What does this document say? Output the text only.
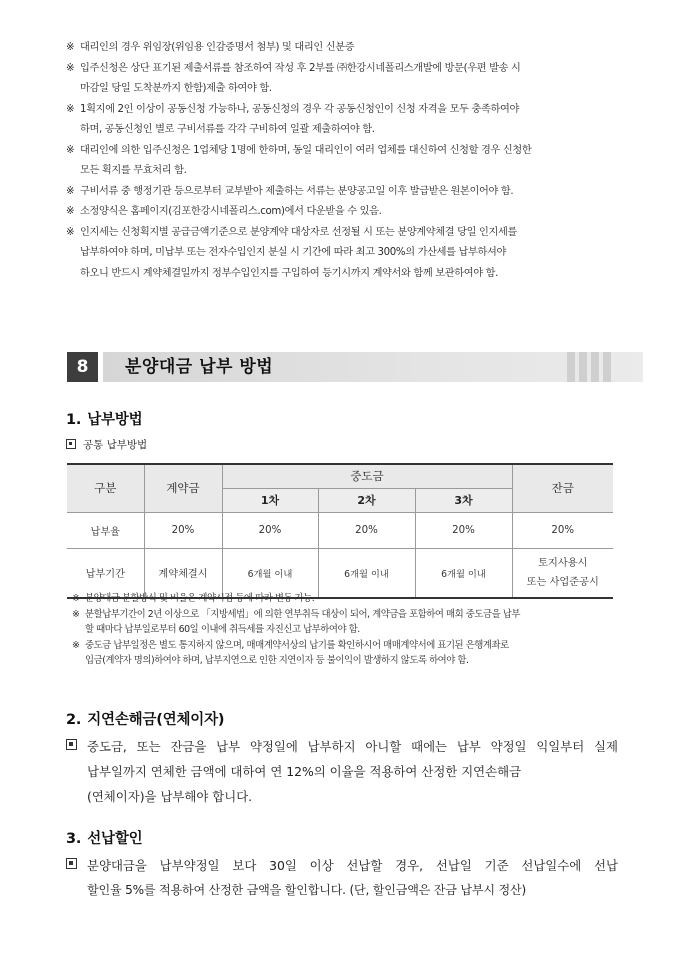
※ 대리인의 경우 위임장(위임용 인감증명서 첨부) 및 대리인 신분증
※ 입주신청은 상단 표기된 제출서류를 참조하여 작성 후 2부를 ㈜한강시네폴리스개발에 방문(우편 발송 시
마감일 당일 도착분까지 한함)제출 하여야 함.
※ 1획지에 2인 이상이 공동신청 가능하나, 공동신청의 경우 각 공동신청인이 신청 자격을 모두 충족하여야
하며, 공동신청인 별로 구비서류를 각각 구비하여 일괄 제출하여야 함.
※ 대리인에 의한 입주신청은 1업체당 1명에 한하며, 동일 대리인이 여러 업체를 대신하여 신청할 경우 신청한
모든 획지를 무효처리 함.
※ 구비서류 중 행정기관 등으로부터 교부받아 제출하는 서류는 분양공고일 이후 발급받은 원본이어야 함.
※ 소정양식은 홈페이지(김포한강시네폴리스.com)에서 다운받을 수 있음.
※ 인지세는 신청획지별 공급금액기준으로 분양계약 대상자로 선정될 시 또는 분양계약체결 당일 인지세를
납부하여야 하며, 미납부 또는 전자수입인지 분실 시 기간에 따라 최고 300%의 가산세를 납부하셔야
하오니 반드시 계약체결일까지 정부수입인지를 구입하여 등기시까지 계약서와 함께 보관하여야 함.
8	분양대금 납부 방법
1. 납부방법
공통 납부방법
구분	계약금	중도금			잔금
		1차	2차	3차	
납부율	20%	20%	20%	20%	20%
납부기간	계약체결시	6개월 이내	6개월 이내	6개월 이내	토지사용시
또는 사업준공시
※ 분양대금 분할방식 및 비율은 계약시점 등에 따라 변동 가능.
※ 분할납부기간이 2년 이상으로 「지방세법」에 의한 연부취득 대상이 되어, 계약금을 포함하여 매회 중도금을 납부
할 때마다 납부일로부터 60일 이내에 취득세를 자진신고 납부하여야 함.
※ 중도금 납부일정은 별도 통지하지 않으며, 매매계약서상의 납기를 확인하시어 매매계약서에 표기된 은행계좌로
입금(계약자 명의)하여야 하며, 납부지연으로 인한 지연이자 등 불이익이 발생하지 않도록 하여야 함.
2. 지연손해금(연체이자)
중도금, 또는 잔금을 납부 약정일에 납부하지 아니할 때에는 납부 약정일 익일부터 실제
납부일까지 연체한 금액에 대하여 연 12%의 이율을 적용하여 산정한 지연손해금
(연체이자)을 납부해야 합니다.
3. 선납할인
분양대금을 납부약정일 보다 30일 이상 선납할 경우, 선납일 기준 선납일수에 선납
할인율 5%를 적용하여 산정한 금액을 할인합니다. (단, 할인금액은 잔금 납부시 정산)
